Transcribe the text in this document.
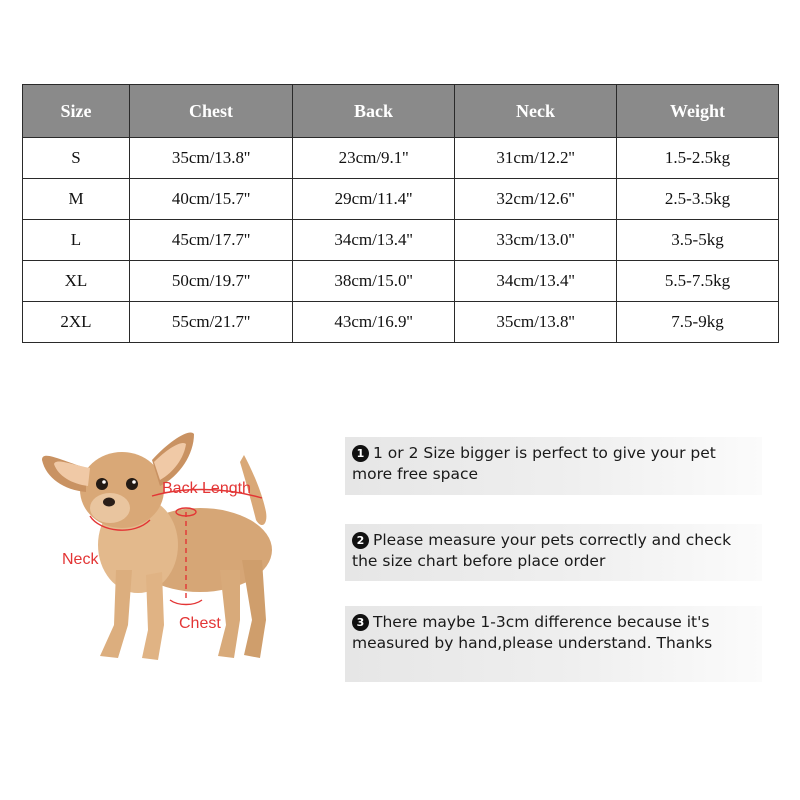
Size	Chest	Back	Neck	Weight
S	35cm/13.8''	23cm/9.1''	31cm/12.2''	1.5-2.5kg
M	40cm/15.7''	29cm/11.4''	32cm/12.6''	2.5-3.5kg
L	45cm/17.7''	34cm/13.4''	33cm/13.0''	3.5-5kg
XL	50cm/19.7''	38cm/15.0''	34cm/13.4''	5.5-7.5kg
2XL	55cm/21.7''	43cm/16.9''	35cm/13.8''	7.5-9kg
Back Length
Neck
Chest
1 1 or 2 Size bigger is perfect to give your pet more free space
2 Please measure your pets correctly and check the size chart before place order
3 There maybe 1-3cm difference because it's measured by hand,please understand. Thanks
